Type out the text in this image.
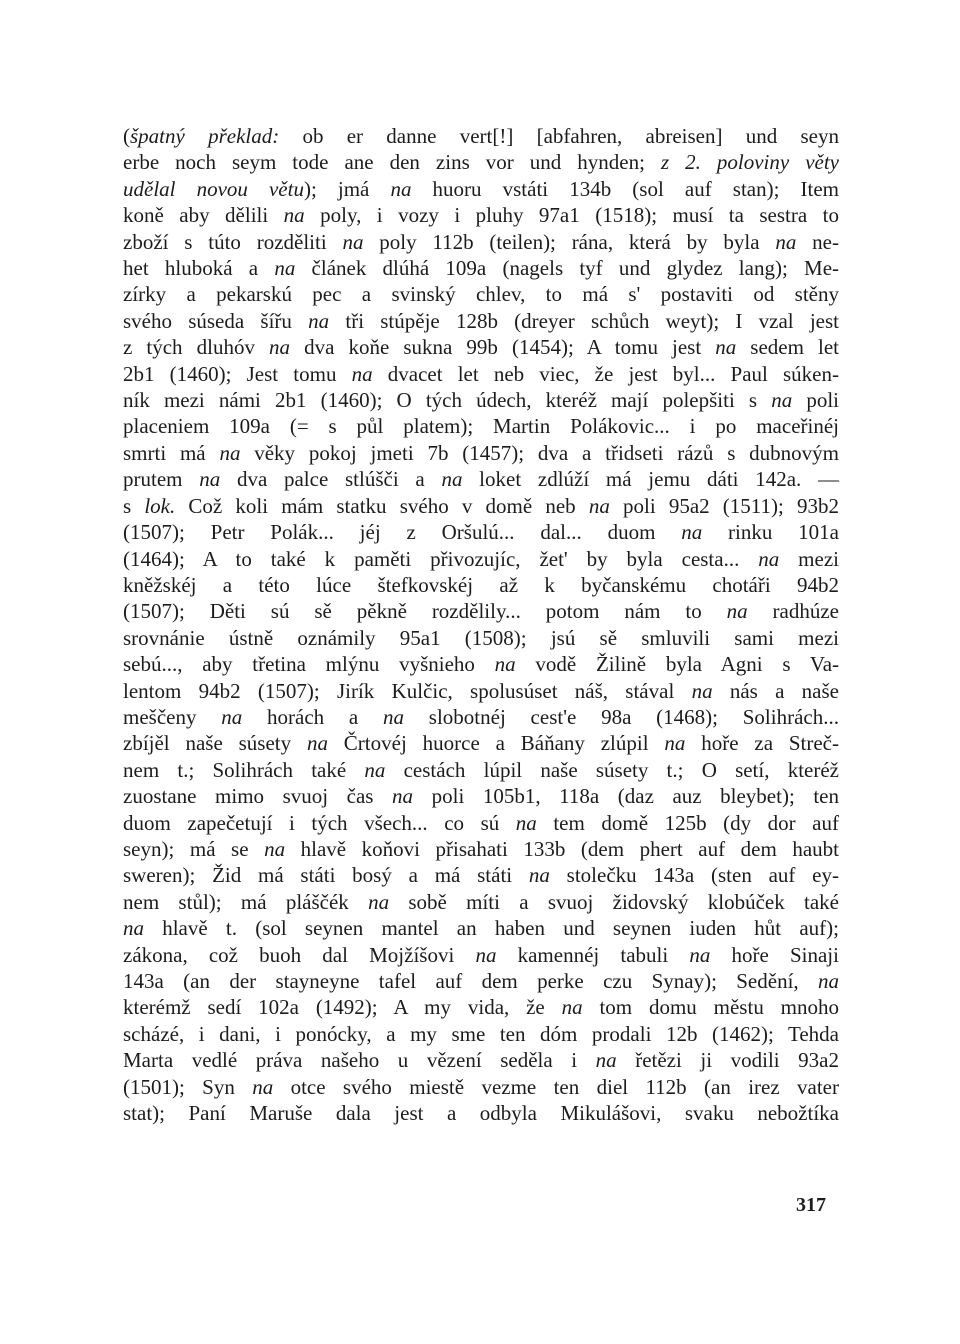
(špatný překlad: ob er danne vert[!] [abfahren, abreisen] und seyn
erbe noch seym tode ane den zins vor und hynden; z 2. poloviny věty
udělal novou větu); jmá na huoru vstáti 134b (sol auf stan); Item
koně aby dělili na poly, i vozy i pluhy 97a1 (1518); musí ta sestra to
zboží s túto rozděliti na poly 112b (teilen); rána, která by byla na ne-
het hluboká a na článek dlúhá 109a (nagels tyf und glydez lang); Me-
zírky a pekarskú pec a svinský chlev, to má s' postaviti od stěny
svého súseda šířu na tři stúpěje 128b (dreyer schůch weyt); I vzal jest
z tých dluhóv na dva koňe sukna 99b (1454); A tomu jest na sedem let
2b1 (1460); Jest tomu na dvacet let neb viec, že jest byl... Paul súken-
ník mezi námi 2b1 (1460); O tých údech, kteréž mají polepšiti s na poli
placeniem 109a (= s půl platem); Martin Polákovic... i po maceřinéj
smrti má na věky pokoj jmeti 7b (1457); dva a třidseti rázů s dubnovým
prutem na dva palce stlúšči a na loket zdlúží má jemu dáti 142a. —
s lok. Což koli mám statku svého v domě neb na poli 95a2 (1511); 93b2
(1507); Petr Polák... jéj z Oršulú... dal... duom na rinku 101a
(1464); A to také k paměti přivozujíc, žet' by byla cesta... na mezi
kněžskéj a této lúce štefkovskéj až k byčanskému chotáři 94b2
(1507); Děti sú sě pěkně rozdělily... potom nám to na radhúze
srovnánie ústně oznámily 95a1 (1508); jsú sě smluvili sami mezi
sebú..., aby třetina mlýnu vyšnieho na vodě Žilině byla Agni s Va-
lentom 94b2 (1507); Jirík Kulčic, spolusúset náš, stával na nás a naše
meščeny na horách a na slobotnéj cest'e 98a (1468); Solihrách...
zbíjěl naše súsety na Črtovéj huorce a Báňany zlúpil na hoře za Streč-
nem t.; Solihrách také na cestách lúpil naše súsety t.; O setí, kteréž
zuostane mimo svuoj čas na poli 105b1, 118a (daz auz bleybet); ten
duom zapečetují i tých všech... co sú na tem domě 125b (dy dor auf
seyn); má se na hlavě koňovi přisahati 133b (dem phert auf dem haubt
sweren); Žid má státi bosý a má státi na stolečku 143a (sten auf ey-
nem stůl); má pláščék na sobě míti a svuoj židovský klobúček také
na hlavě t. (sol seynen mantel an haben und seynen iuden hůt auf);
zákona, což buoh dal Mojžíšovi na kamennéj tabuli na hoře Sinaji
143a (an der stayneyne tafel auf dem perke czu Synay); Sedění, na
kterémž sedí 102a (1492); A my vida, že na tom domu městu mnoho
scházé, i dani, i ponócky, a my sme ten dóm prodali 12b (1462); Tehda
Marta vedlé práva našeho u vězení seděla i na řetězi ji vodili 93a2
(1501); Syn na otce svého miestě vezme ten diel 112b (an irez vater
stat); Paní Maruše dala jest a odbyla Mikulášovi, svaku nebožtíka
317
